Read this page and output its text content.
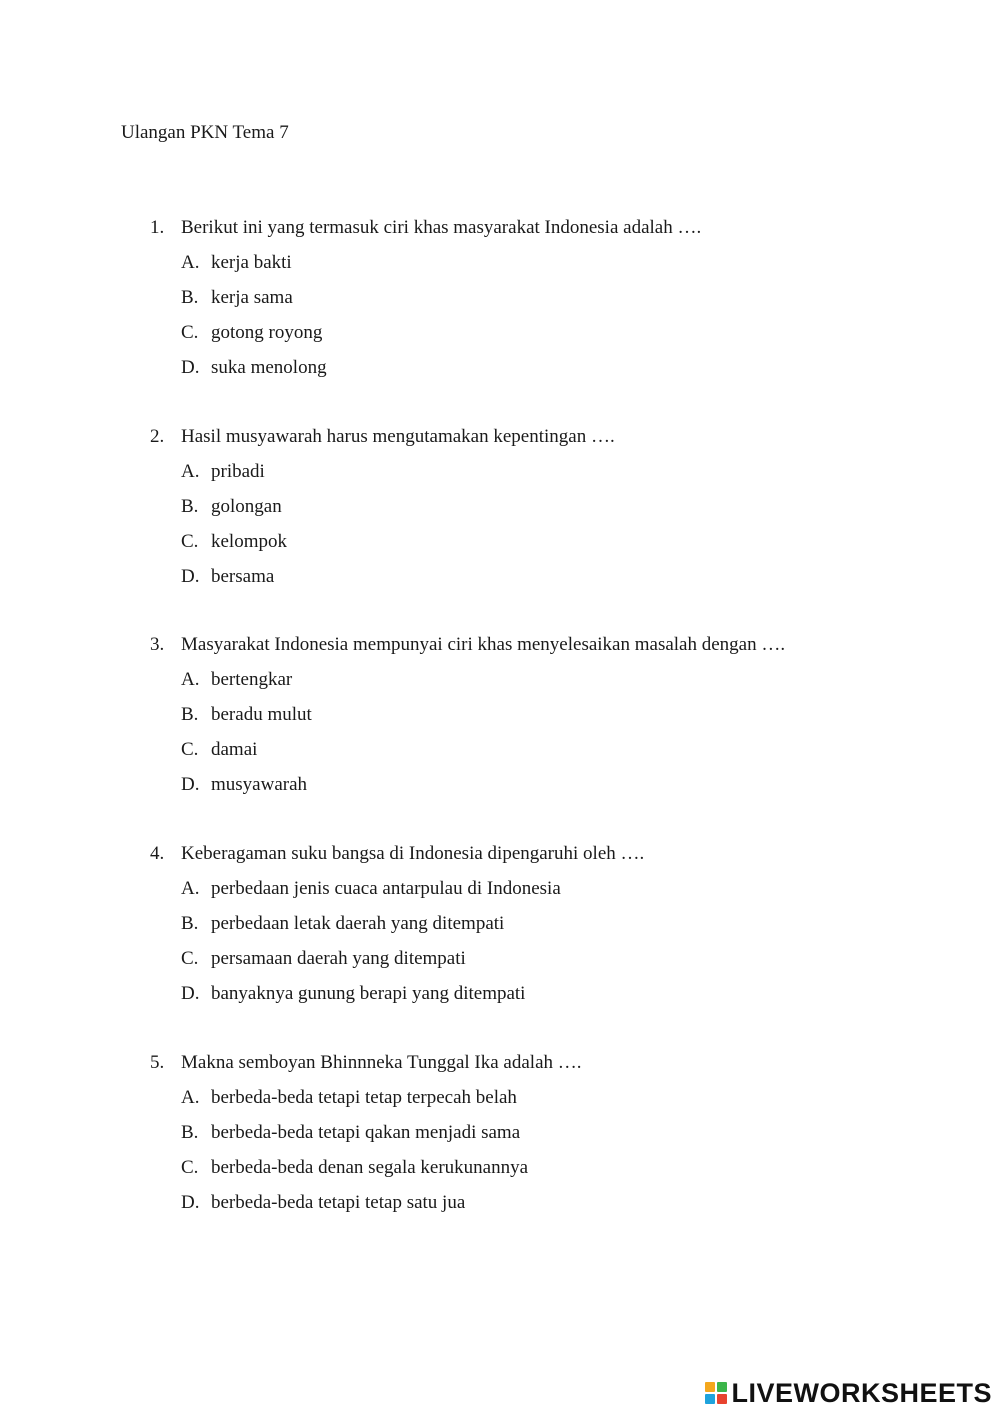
Ulangan PKN Tema 7
1. Berikut ini yang termasuk ciri khas masyarakat Indonesia adalah ….
A. kerja bakti
B. kerja sama
C. gotong royong
D. suka menolong
2. Hasil musyawarah harus mengutamakan kepentingan ….
A. pribadi
B. golongan
C. kelompok
D. bersama
3. Masyarakat Indonesia mempunyai ciri khas menyelesaikan masalah dengan ….
A. bertengkar
B. beradu mulut
C. damai
D. musyawarah
4. Keberagaman suku bangsa di Indonesia dipengaruhi oleh ….
A. perbedaan jenis cuaca antarpulau di Indonesia
B. perbedaan letak daerah yang ditempati
C. persamaan daerah yang ditempati
D. banyaknya gunung berapi yang ditempati
5. Makna semboyan Bhinnneka Tunggal Ika adalah ….
A. berbeda-beda tetapi tetap terpecah belah
B. berbeda-beda tetapi qakan menjadi sama
C. berbeda-beda denan segala kerukunannya
D. berbeda-beda tetapi tetap satu jua
LIVEWORKSHEETS
